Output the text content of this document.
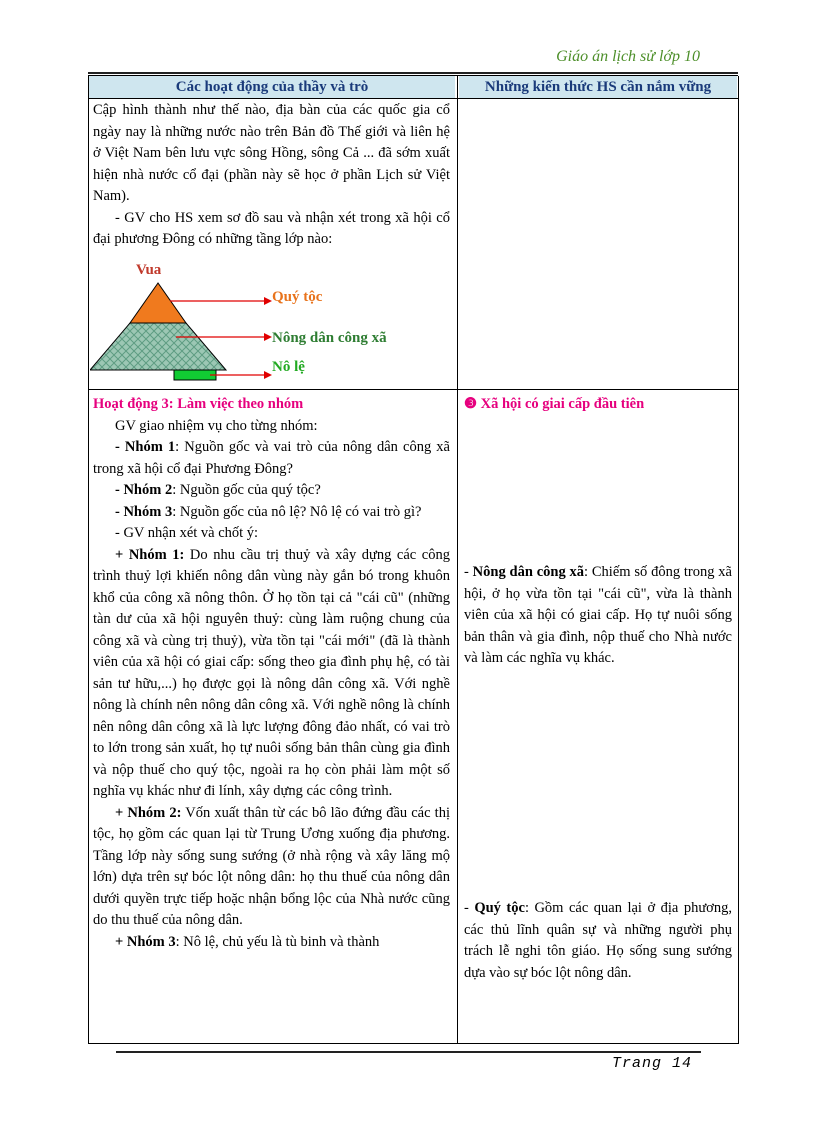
Giáo án lịch sử lớp 10
Các hoạt động của thầy và trò	Những kiến thức HS cần nắm vững

Cập hình thành như thế nào, địa bàn của các quốc gia cổ ngày nay là những nước nào trên Bản đồ Thế giới và liên hệ ở Việt Nam bên lưu vực sông Hồng, sông Cả ... đã sớm xuất hiện nhà nước cổ đại (phần này sẽ học ở phần Lịch sử Việt Nam).

- GV cho HS xem sơ đồ sau và nhận xét trong xã hội cổ đại phương Đông có những tầng lớp nào:

Vua
Quý tộc
Nông dân công xã
Nô lệ

Hoạt động 3: Làm việc theo nhóm

GV giao nhiệm vụ cho từng nhóm:

- Nhóm 1: Nguồn gốc và vai trò của nông dân công xã trong xã hội cổ đại Phương Đông?

- Nhóm 2: Nguồn gốc của quý tộc?

- Nhóm 3: Nguồn gốc của nô lệ? Nô lệ có vai trò gì?

- GV nhận xét và chốt ý:

+ Nhóm 1: Do nhu cầu trị thuỷ và xây dựng các công trình thuỷ lợi khiến nông dân vùng này gắn bó trong khuôn khổ của công xã nông thôn. Ở họ tồn tại cả "cái cũ" (những tàn dư của xã hội nguyên thuỷ: cùng làm ruộng chung của công xã và cùng trị thuỷ), vừa tồn tại "cái mới" (đã là thành viên của xã hội có giai cấp: sống theo gia đình phụ hệ, có tài sản tư hữu,...) họ được gọi là nông dân công xã. Với nghề nông là chính nên nông dân công xã. Với nghề nông là chính nên nông dân công xã là lực lượng đông đảo nhất, có vai trò to lớn trong sản xuất, họ tự nuôi sống bản thân cùng gia đình và nộp thuế cho quý tộc, ngoài ra họ còn phải làm một số nghĩa vụ khác như đi lính, xây dựng các công trình.

+ Nhóm 2: Vốn xuất thân từ các bô lão đứng đầu các thị tộc, họ gồm các quan lại từ Trung Ương xuống địa phương. Tầng lớp này sống sung sướng (ở nhà rộng và xây lăng mộ lớn) dựa trên sự bóc lột nông dân: họ thu thuế của nông dân dưới quyền trực tiếp hoặc nhận bổng lộc của Nhà nước cũng do thu thuế của nông dân.

+ Nhóm 3: Nô lệ, chủ yếu là tù binh và thành

❸ Xã hội có giai cấp đầu tiên

- Nông dân công xã: Chiếm số đông trong xã hội, ở họ vừa tồn tại "cái cũ", vừa là thành viên của xã hội có giai cấp. Họ tự nuôi sống bản thân và gia đình, nộp thuế cho Nhà nước và làm các nghĩa vụ khác.

- Quý tộc: Gồm các quan lại ở địa phương, các thủ lĩnh quân sự và những người phụ trách lễ nghi tôn giáo. Họ sống sung sướng dựa vào sự bóc lột nông dân.

Trang 14
